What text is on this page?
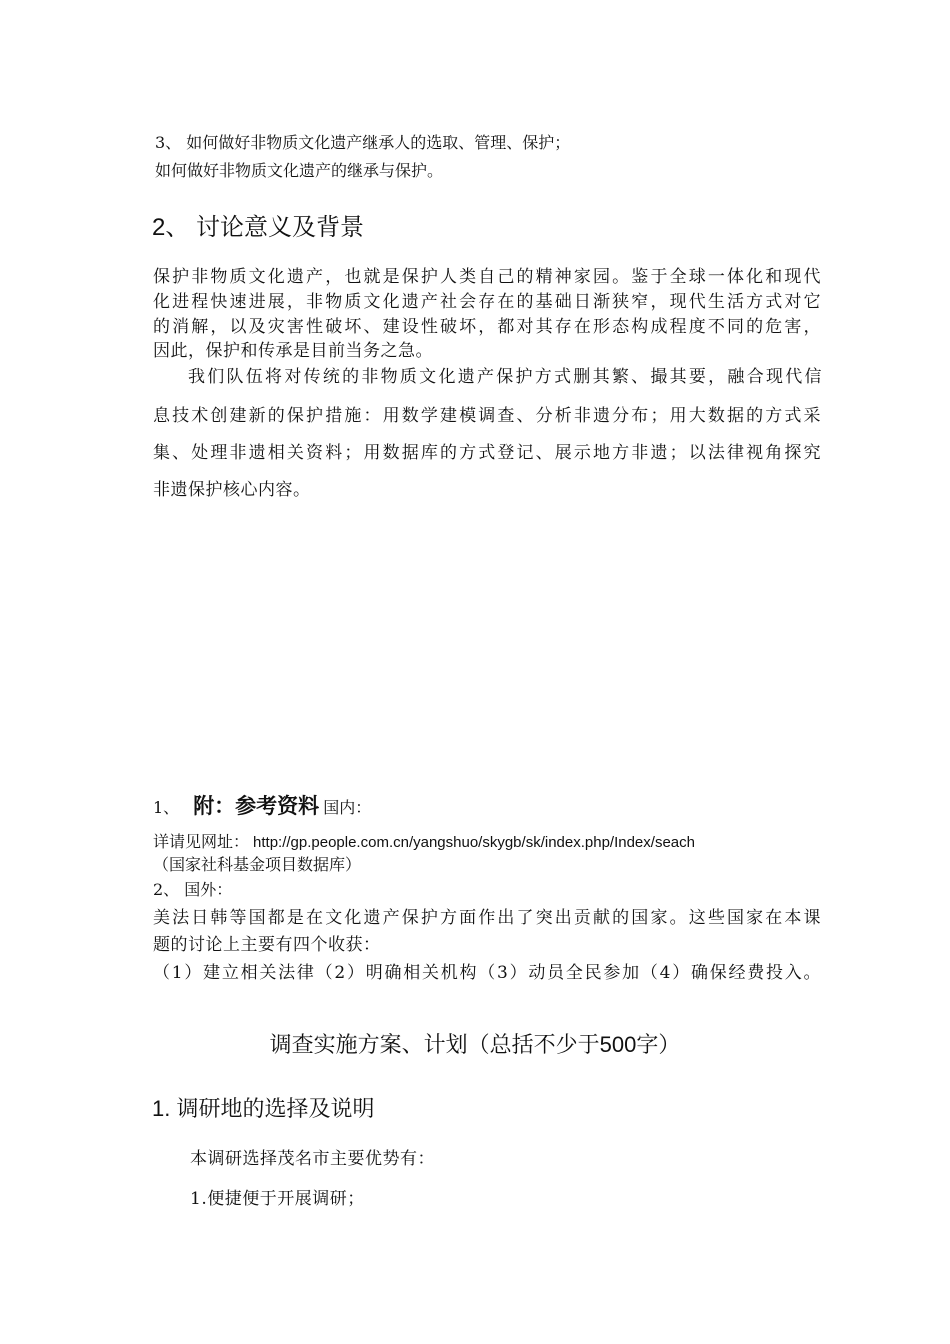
3、 如何做好非物质文化遗产继承人的选取、管理、保护；

如何做好非物质文化遗产的继承与保护。

2、 讨论意义及背景

保护非物质文化遗产，也就是保护人类自己的精神家园。鉴于全球一体化和现代

化进程快速进展，非物质文化遗产社会存在的基础日渐狭窄，现代生活方式对它

的消解，以及灾害性破坏、建设性破坏，都对其存在形态构成程度不同的危害，

因此，保护和传承是目前当务之急。

我们队伍将对传统的非物质文化遗产保护方式删其繁、撮其要，融合现代信

息技术创建新的保护措施：用数学建模调查、分析非遗分布；用大数据的方式采

集、处理非遗相关资料；用数据库的方式登记、展示地方非遗；以法律视角探究

非遗保护核心内容。

1、 附：参考资料 国内：
详请见网址： http://gp.people.com.cn/yangshuo/skygb/sk/index.php/Index/seach

（国家社科基金项目数据库）

2、 国外：

美法日韩等国都是在文化遗产保护方面作出了突出贡献的国家。这些国家在本课

题的讨论上主要有四个收获：

（1）建立相关法律（2）明确相关机构（3）动员全民参加（4）确保经费投入。

调查实施方案、计划（总括不少于500字）

1. 调研地的选择及说明

本调研选择茂名市主要优势有：

1.便捷便于开展调研；
